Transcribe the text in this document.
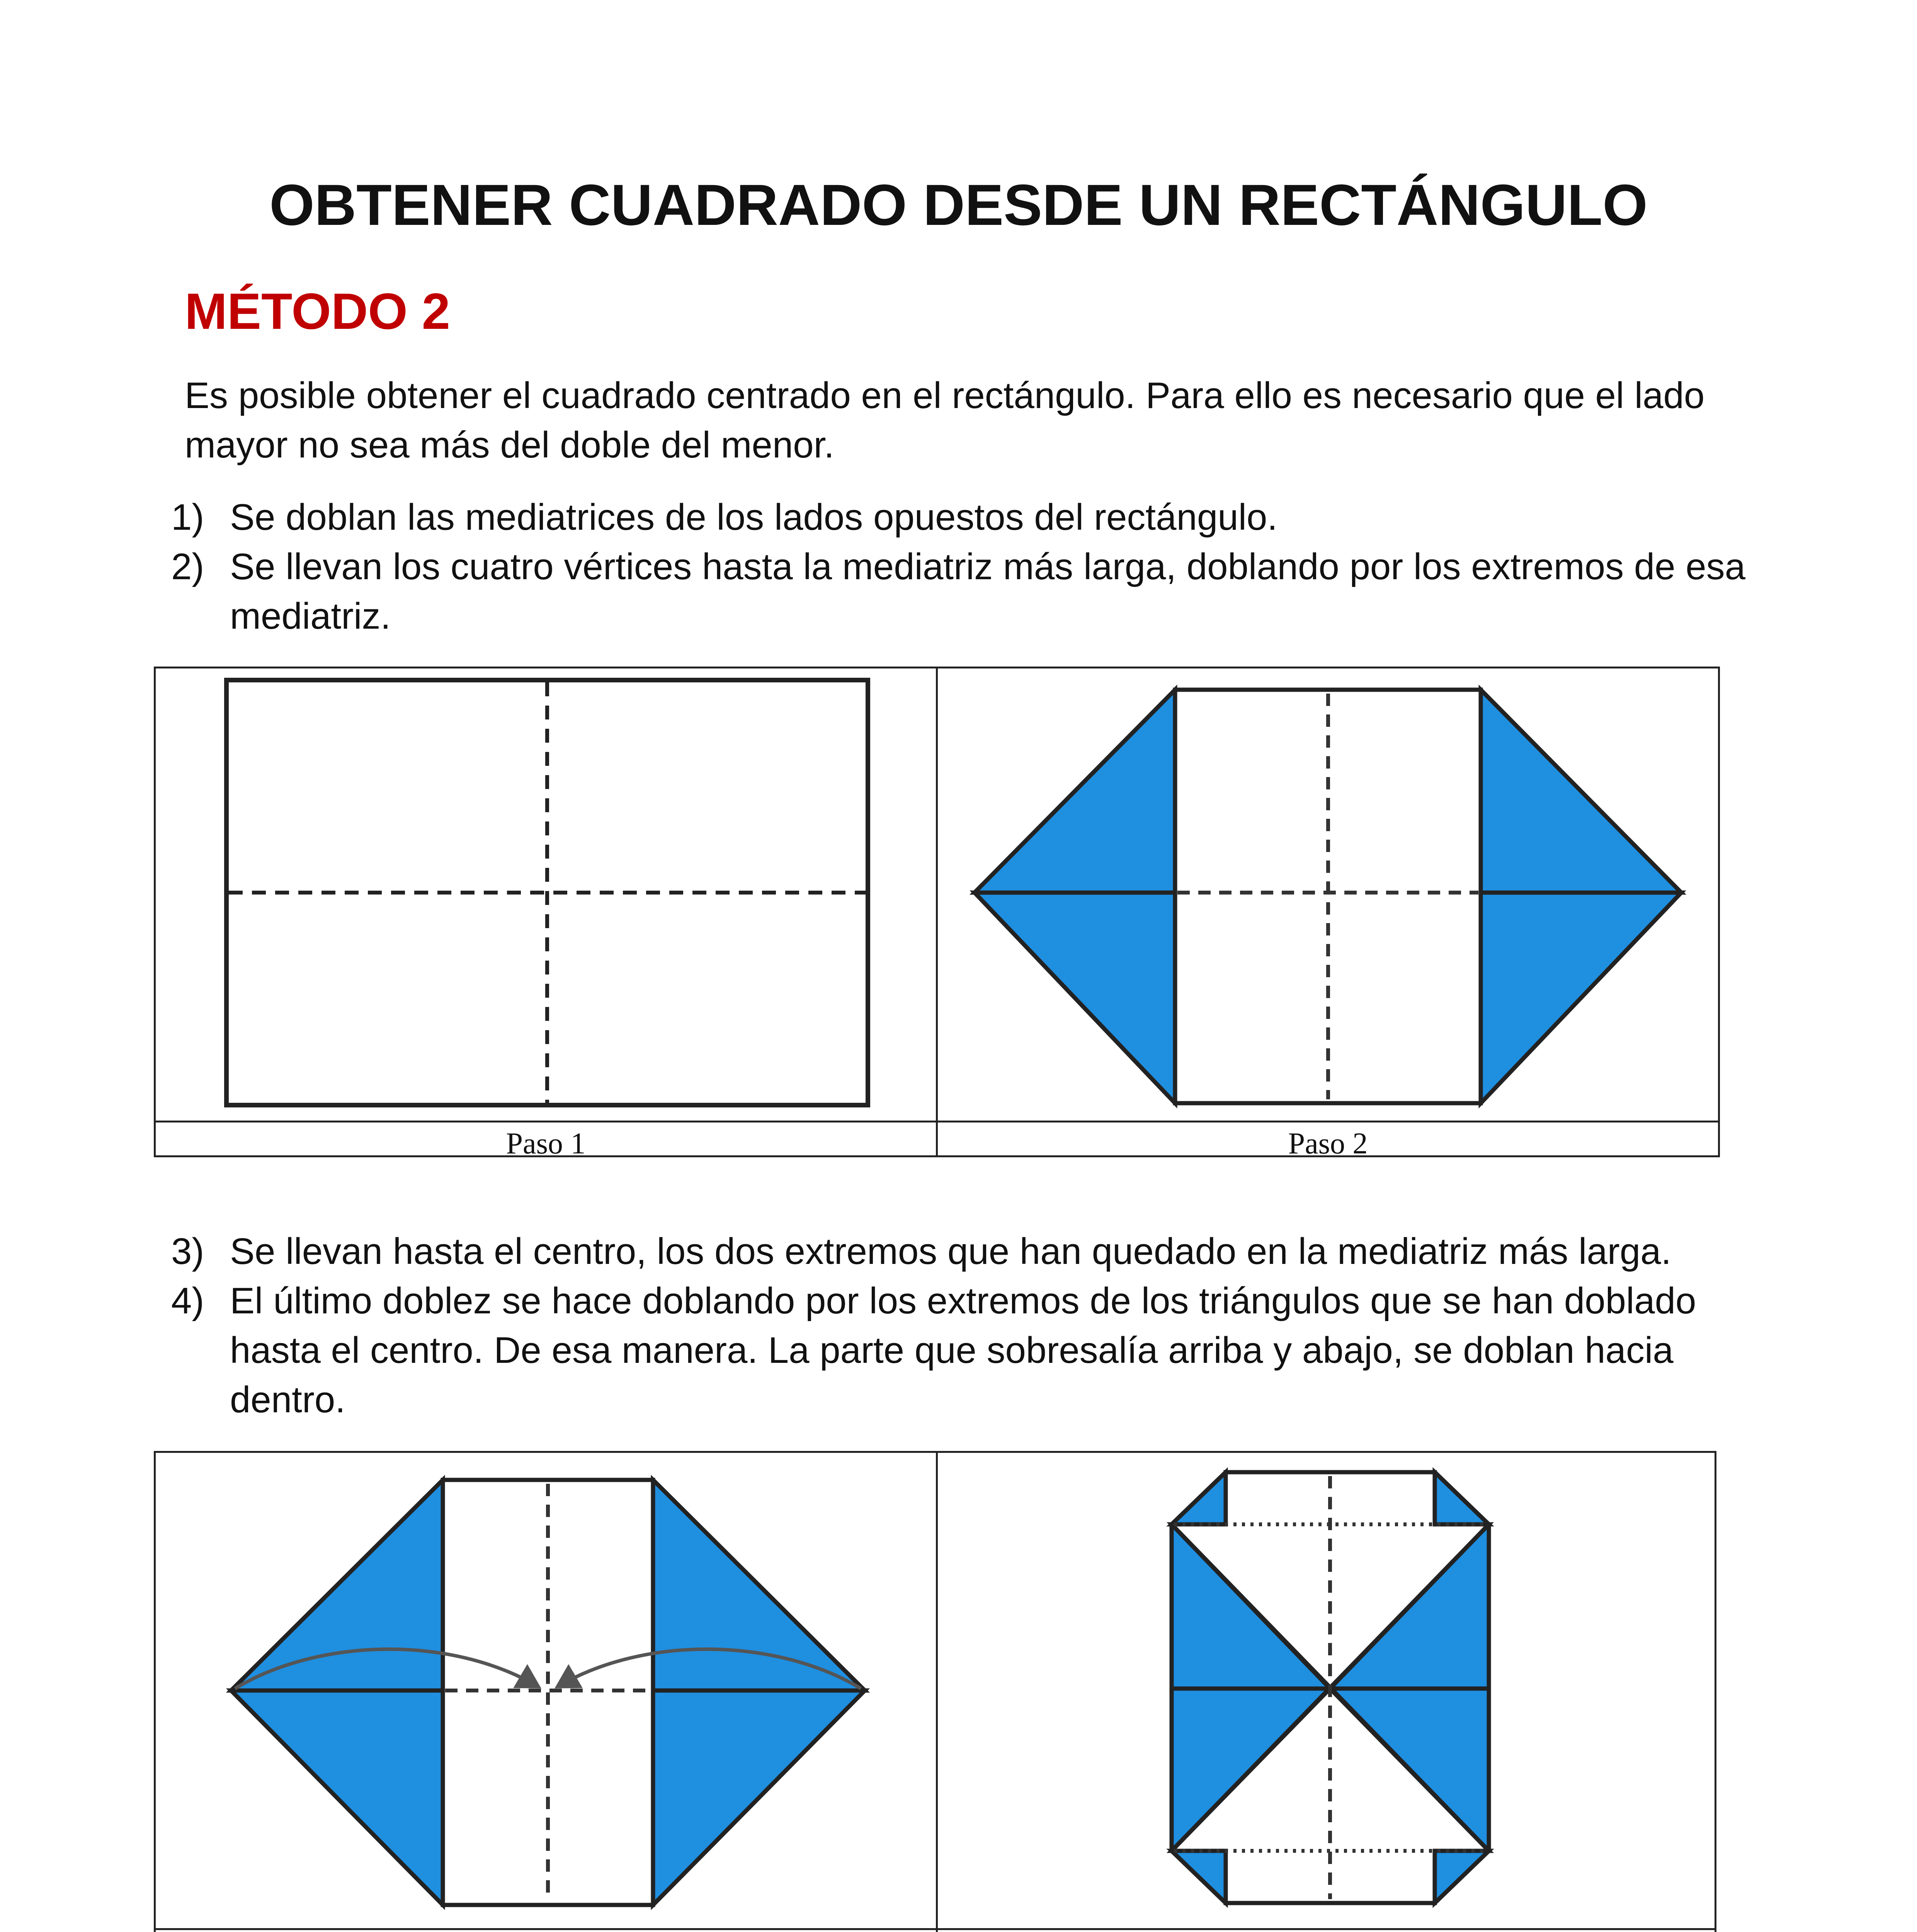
OBTENER CUADRADO DESDE UN RECTÁNGULO
MÉTODO 2
Es posible obtener el cuadrado centrado en el rectángulo. Para ello es necesario que el lado mayor no sea más del doble del menor.
1) Se doblan las mediatrices de los lados opuestos del rectángulo.
2) Se llevan los cuatro vértices hasta la mediatriz más larga, doblando por los extremos de esa mediatriz.
Paso 1	Paso 2
3) Se llevan hasta el centro, los dos extremos que han quedado en la mediatriz más larga.
4) El último doblez se hace doblando por los extremos de los triángulos que se han doblado hasta el centro. De esa manera. La parte que sobresalía arriba y abajo, se doblan hacia dentro.
